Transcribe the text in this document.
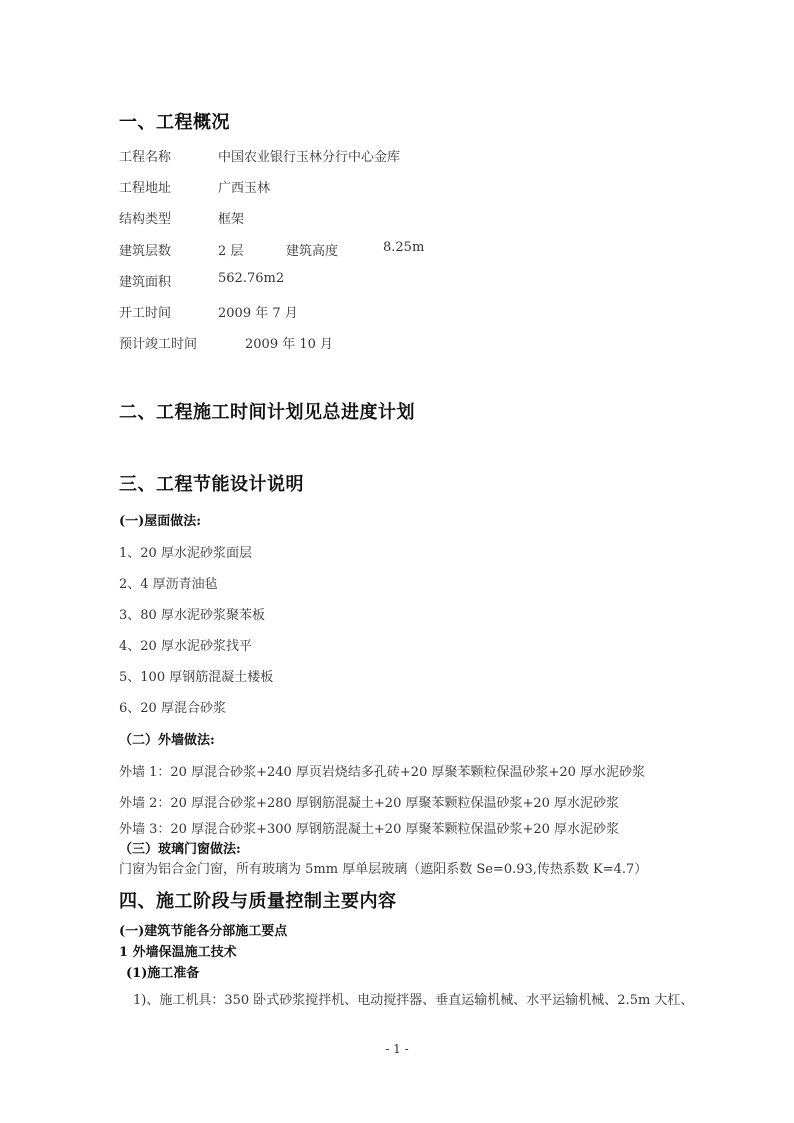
一、工程概况
工程名称	中国农业银行玉林分行中心金库
工程地址	广西玉林
结构类型	框架
建筑层数	2 层	建筑高度	8.25m
建筑面积	562.76m2
开工时间	2009 年 7 月
预计竣工时间	2009 年 10 月
二、工程施工时间计划见总进度计划
三、工程节能设计说明
(一)屋面做法:
1、20 厚水泥砂浆面层
2、4 厚沥青油毡
3、80 厚水泥砂浆聚苯板
4、20 厚水泥砂浆找平
5、100 厚钢筋混凝土楼板
6、20 厚混合砂浆
（二）外墙做法:
外墙 1：20 厚混合砂浆+240 厚页岩烧结多孔砖+20 厚聚苯颗粒保温砂浆+20 厚水泥砂浆
外墙 2：20 厚混合砂浆+280 厚钢筋混凝土+20 厚聚苯颗粒保温砂浆+20 厚水泥砂浆
外墙 3：20 厚混合砂浆+300 厚钢筋混凝土+20 厚聚苯颗粒保温砂浆+20 厚水泥砂浆
（三）玻璃门窗做法:
门窗为铝合金门窗，所有玻璃为 5mm 厚单层玻璃（遮阳系数 Se=0.93,传热系数 K=4.7）
四、施工阶段与质量控制主要内容
(一)建筑节能各分部施工要点
1 外墙保温施工技术
(1)施工准备
1)、施工机具：350 卧式砂浆搅拌机、电动搅拌器、垂直运输机械、水平运输机械、2.5m 大杠、
- 1 -
